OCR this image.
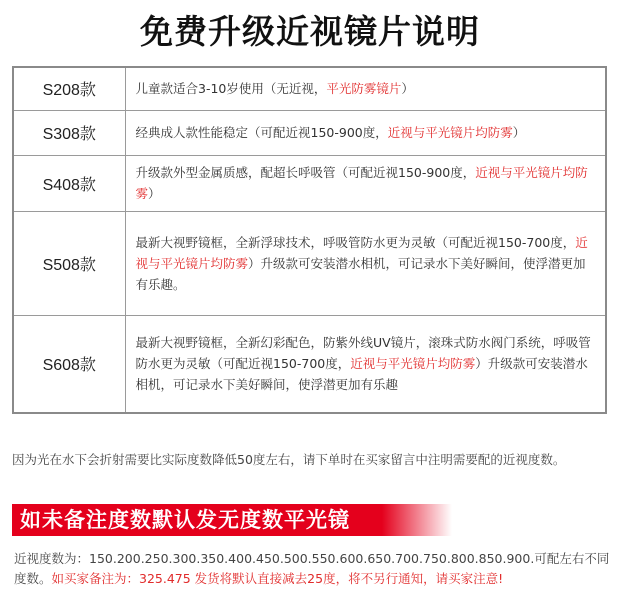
免费升级近视镜片说明
S208款	儿童款适合3-10岁使用（无近视，平光防雾镜片）
S308款	经典成人款性能稳定（可配近视150-900度，近视与平光镜片均防雾）
S408款	升级款外型金属质感，配超长呼吸管（可配近视150-900度，近视与平光镜片均防雾）
S508款	最新大视野镜框，全新浮球技术，呼吸管防水更为灵敏（可配近视150-700度，近视与平光镜片均防雾）升级款可安装潜水相机，可记录水下美好瞬间，使浮潜更加有乐趣。
S608款	最新大视野镜框，全新幻彩配色，防紫外线UV镜片，滚珠式防水阀门系统，呼吸管防水更为灵敏（可配近视150-700度，近视与平光镜片均防雾）升级款可安装潜水相机，可记录水下美好瞬间，使浮潜更加有乐趣
因为光在水下会折射需要比实际度数降低50度左右，请下单时在买家留言中注明需要配的近视度数。
如未备注度数默认发无度数平光镜
近视度数为：150.200.250.300.350.400.450.500.550.600.650.700.750.800.850.900.可配左右不同度数。如买家备注为：325.475 发货将默认直接减去25度，将不另行通知，请买家注意!
